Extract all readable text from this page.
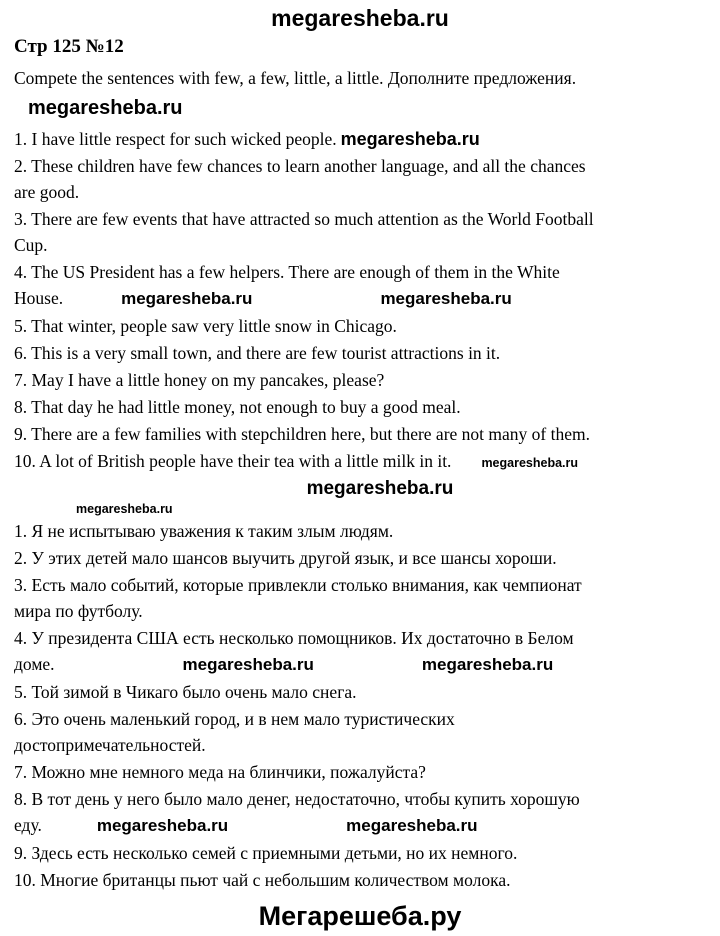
megaresheba.ru
Стр 125 №12
Compete the sentences with few, a few, little, a little. Дополните предложения.
megaresheba.ru
1. I have little respect for such wicked people. megaresheba.ru
2. These children have few chances to learn another language, and all the chances
are good.
3. There are few events that have attracted so much attention as the World Football
Cup.
4. The US President has a few helpers. There are enough of them in the White
House.	megaresheba.ru	megaresheba.ru
5. That winter, people saw very little snow in Chicago.
6. This is a very small town, and there are few tourist attractions in it.
7. May I have a little honey on my pancakes, please?
8. That day he had little money, not enough to buy a good meal.
9. There are a few families with stepchildren here, but there are not many of them.
10. A lot of British people have their tea with a little milk in it. megaresheba.ru
megaresheba.ru
megaresheba.ru
1. Я не испытываю уважения к таким злым людям.
2. У этих детей мало шансов выучить другой язык, и все шансы хороши.
3. Есть мало событий, которые привлекли столько внимания, как чемпионат
мира по футболу.
4. У президента США есть несколько помощников. Их достаточно в Белом
доме.	megaresheba.ru	megaresheba.ru
5. Той зимой в Чикаго было очень мало снега.
6. Это очень маленький город, и в нем мало туристических
достопримечательностей.
7. Можно мне немного меда на блинчики, пожалуйста?
8. В тот день у него было мало денег, недостаточно, чтобы купить хорошую
еду.	megaresheba.ru	megaresheba.ru
9. Здесь есть несколько семей с приемными детьми, но их немного.
10. Многие британцы пьют чай с небольшим количеством молока.
Мегарешеба.ру
